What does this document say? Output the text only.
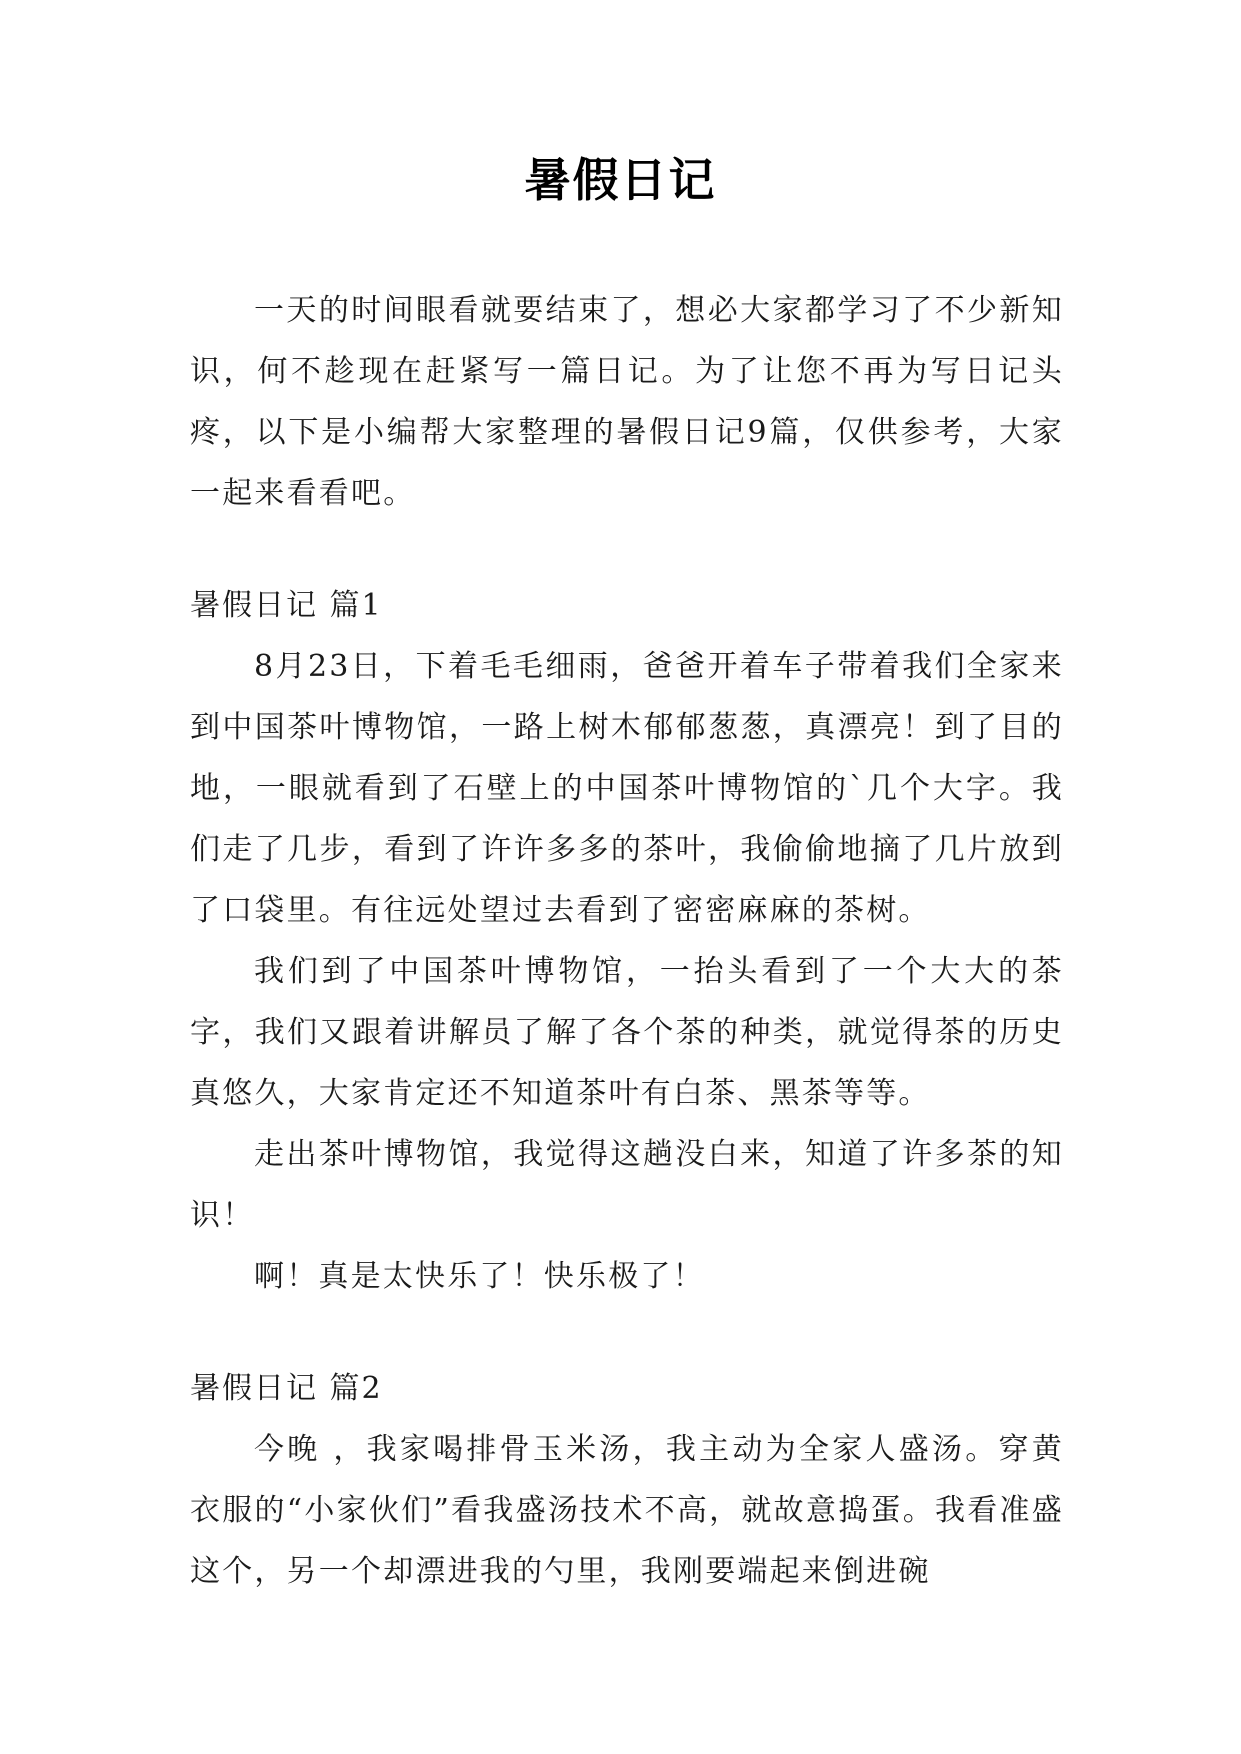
暑假日记

一天的时间眼看就要结束了，想必大家都学习了不少新知识，何不趁现在赶紧写一篇日记。为了让您不再为写日记头疼，以下是小编帮大家整理的暑假日记9篇，仅供参考，大家一起来看看吧。

暑假日记 篇1

8月23日，下着毛毛细雨，爸爸开着车子带着我们全家来到中国茶叶博物馆，一路上树木郁郁葱葱，真漂亮！到了目的地，一眼就看到了石壁上的中国茶叶博物馆的`几个大字。我们走了几步，看到了许许多多的茶叶，我偷偷地摘了几片放到了口袋里。有往远处望过去看到了密密麻麻的茶树。

我们到了中国茶叶博物馆，一抬头看到了一个大大的茶字，我们又跟着讲解员了解了各个茶的种类，就觉得茶的历史真悠久，大家肯定还不知道茶叶有白茶、黑茶等等。

走出茶叶博物馆，我觉得这趟没白来，知道了许多茶的知识！

啊！真是太快乐了！快乐极了！

暑假日记 篇2

今晚 ，我家喝排骨玉米汤，我主动为全家人盛汤。穿黄衣服的“小家伙们”看我盛汤技术不高，就故意捣蛋。我看准盛这个，另一个却漂进我的勺里，我刚要端起来倒进碗
